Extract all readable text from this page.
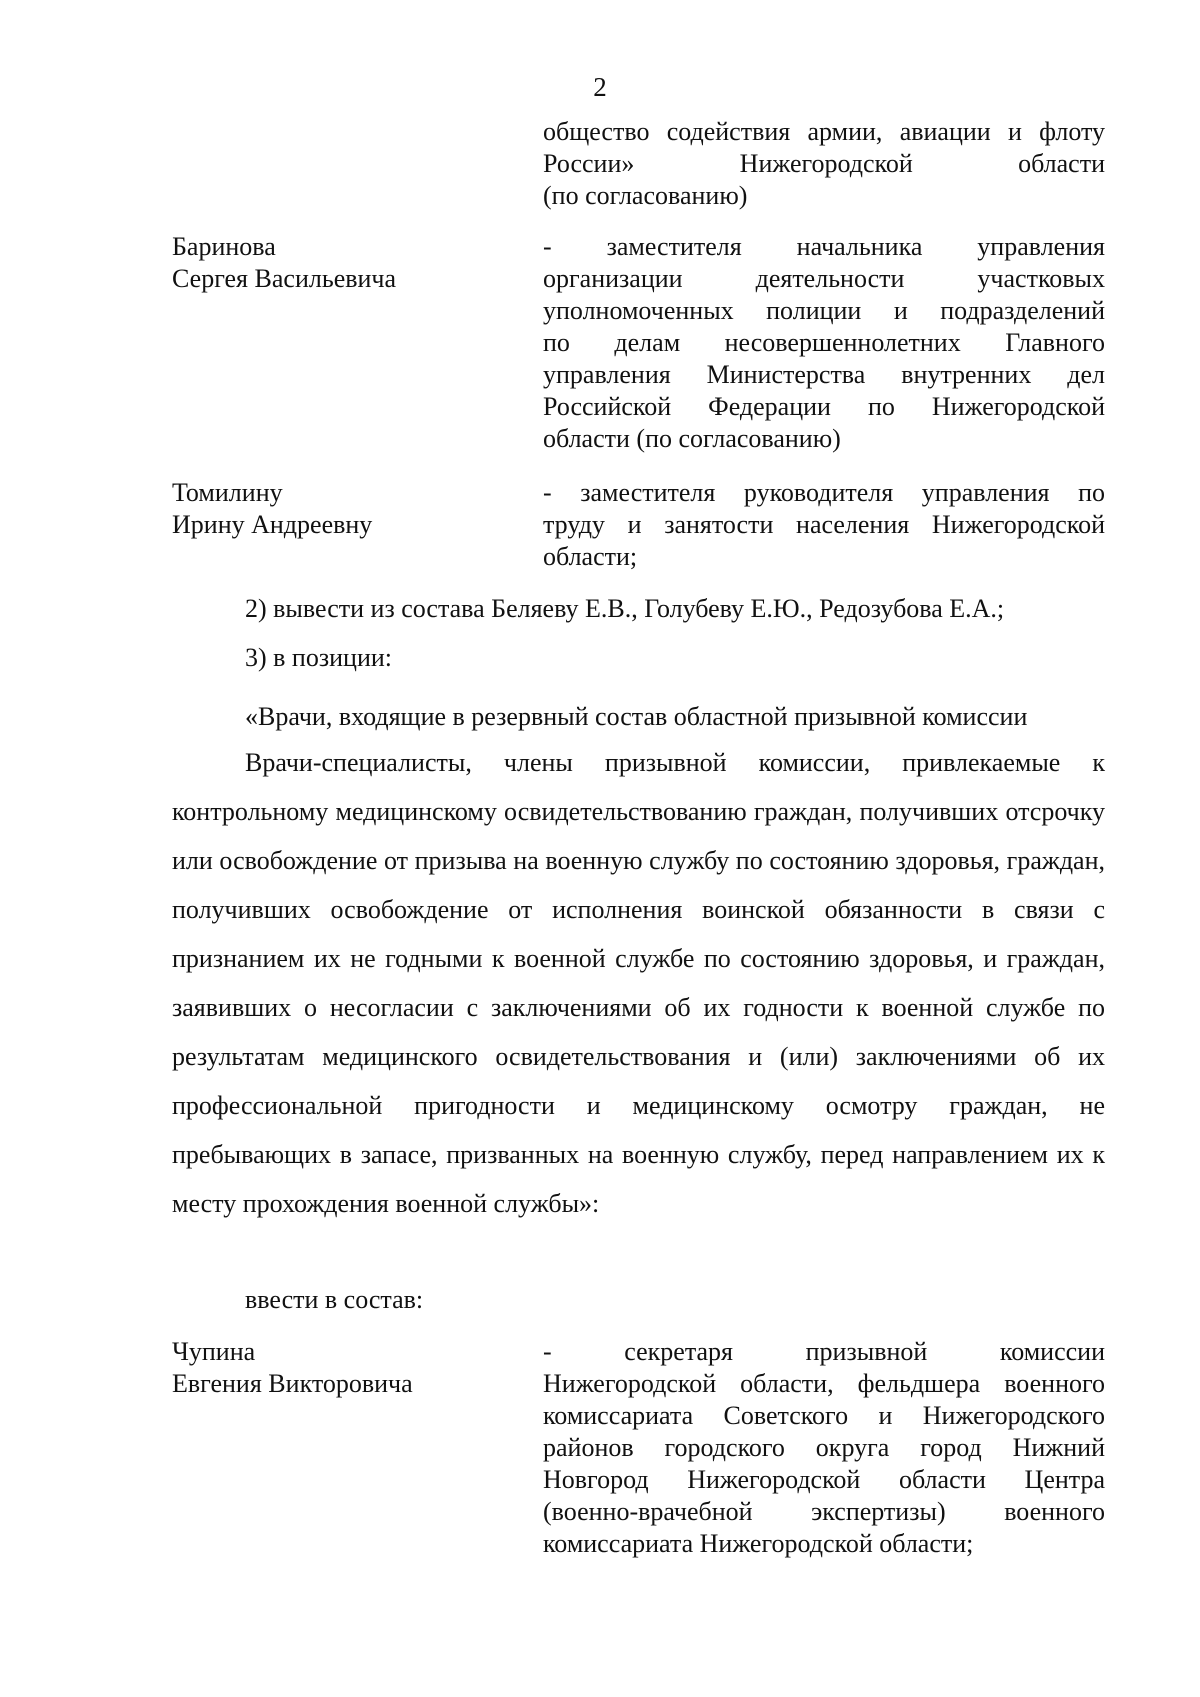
2
общество содействия армии, авиации и флоту
России» Нижегородской области
(по согласованию)
Баринова
Сергея Васильевича
- заместителя начальника управления
организации деятельности участковых
уполномоченных полиции и подразделений
по делам несовершеннолетних Главного
управления Министерства внутренних дел
Российской Федерации по Нижегородской
области (по согласованию)
Томилину
Ирину Андреевну
- заместителя руководителя управления по
труду и занятости населения Нижегородской
области;
2) вывести из состава Беляеву Е.В., Голубеву Е.Ю., Редозубова Е.А.;
3) в позиции:
«Врачи, входящие в резервный состав областной призывной комиссии
Врачи-специалисты, члены призывной комиссии, привлекаемые к контрольному медицинскому освидетельствованию граждан, получивших отсрочку или освобождение от призыва на военную службу по состоянию здоровья, граждан, получивших освобождение от исполнения воинской обязанности в связи с признанием их не годными к военной службе по состоянию здоровья, и граждан, заявивших о несогласии с заключениями об их годности к военной службе по результатам медицинского освидетельствования и (или) заключениями об их профессиональной пригодности и медицинскому осмотру граждан, не пребывающих в запасе, призванных на военную службу, перед направлением их к месту прохождения военной службы»:
ввести в состав:
Чупина
Евгения Викторовича
- секретаря призывной комиссии
Нижегородской области, фельдшера военного
комиссариата Советского и Нижегородского
районов городского округа город Нижний
Новгород Нижегородской области Центра
(военно-врачебной экспертизы) военного
комиссариата Нижегородской области;
